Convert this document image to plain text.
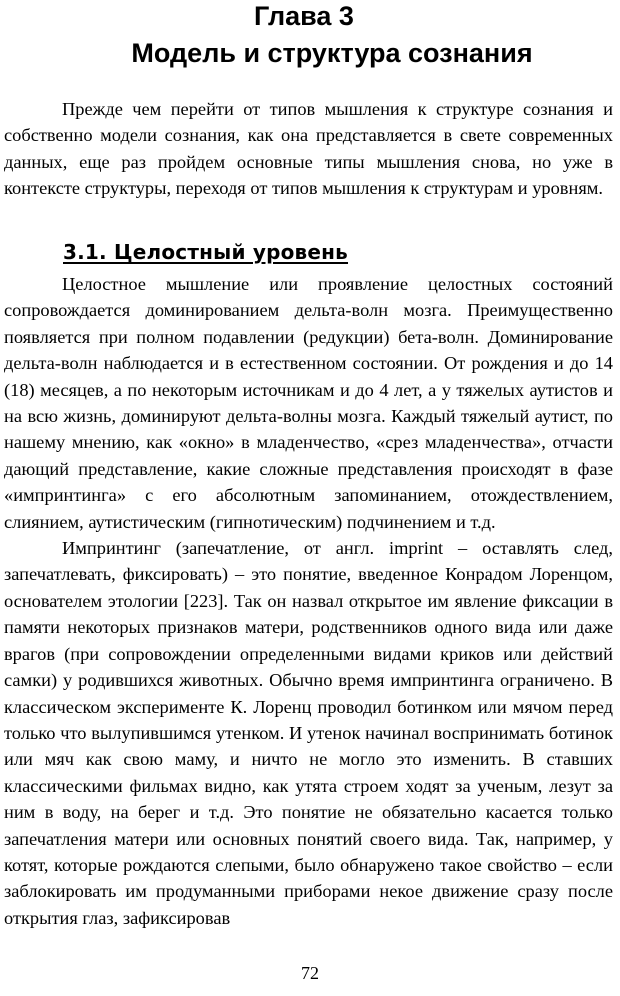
Глава 3
Модель и структура сознания

Прежде чем перейти от типов мышления к структуре сознания и собственно модели сознания, как она представляется в свете современных данных, еще раз пройдем основные типы мышления снова, но уже в контексте структуры, переходя от типов мышления к структурам и уровням.

3.1. Целостный уровень

Целостное мышление или проявление целостных состояний сопровождается доминированием дельта-волн мозга. Преимущественно появляется при полном подавлении (редукции) бета-волн. Доминирование дельта-волн наблюдается и в естественном состоянии. От рождения и до 14 (18) месяцев, а по некоторым источникам и до 4 лет, а у тяжелых аутистов и на всю жизнь, доминируют дельта-волны мозга. Каждый тяжелый аутист, по нашему мнению, как «окно» в младенчество, «срез младенчества», отчасти дающий представление, какие сложные представления происходят в фазе «импринтинга» с его абсолютным запоминанием, отождествлением, слиянием, аутистическим (гипнотическим) подчинением и т.д.

Импринтинг (запечатление, от англ. imprint – оставлять след, запечатлевать, фиксировать) – это понятие, введенное Конрадом Лоренцом, основателем этологии [223]. Так он назвал открытое им явление фиксации в памяти некоторых признаков матери, родственников одного вида или даже врагов (при сопровождении определенными видами криков или действий самки) у родившихся животных. Обычно время импринтинга ограничено. В классическом эксперименте К. Лоренц проводил ботинком или мячом перед только что вылупившимся утенком. И утенок начинал воспринимать ботинок или мяч как свою маму, и ничто не могло это изменить. В ставших классическими фильмах видно, как утята строем ходят за ученым, лезут за ним в воду, на берег и т.д. Это понятие не обязательно касается только запечатления матери или основных понятий своего вида. Так, например, у котят, которые рождаются слепыми, было обнаружено такое свойство – если заблокировать им продуманными приборами некое движение сразу после открытия глаз, зафиксировав

72
